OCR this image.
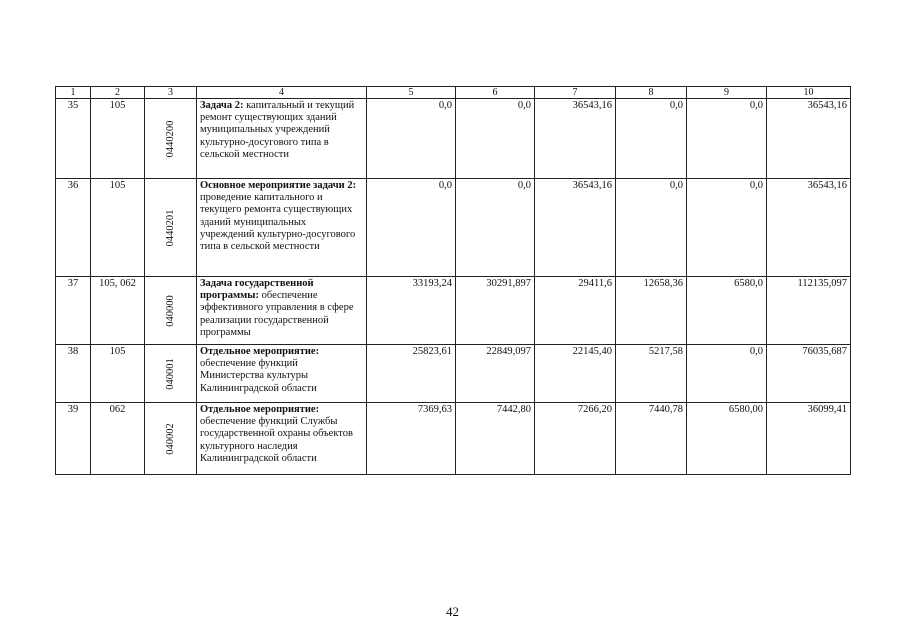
1	2	3	4	5	6	7	8	9	10
35	105	0440200	Задача 2: капитальный и текущий ремонт существующих зданий муниципальных учреждений культурно-досугового типа в сельской местности	0,0	0,0	36543,16	0,0	0,0	36543,16
36	105	0440201	Основное мероприятие задачи 2: проведение капитального и текущего ремонта существующих зданий муниципальных учреждений культурно-досугового типа в сельской местности	0,0	0,0	36543,16	0,0	0,0	36543,16
37	105, 062	040000	Задача государственной программы: обеспечение эффективного управления в сфере реализации государственной программы	33193,24	30291,897	29411,6	12658,36	6580,0	112135,097
38	105	040001	Отдельное мероприятие: обеспечение функций Министерства культуры Калининградской области	25823,61	22849,097	22145,40	5217,58	0,0	76035,687
39	062	040002	Отдельное мероприятие: обеспечение функций Службы государственной охраны объектов культурного наследия Калининградской области	7369,63	7442,80	7266,20	7440,78	6580,00	36099,41
42
